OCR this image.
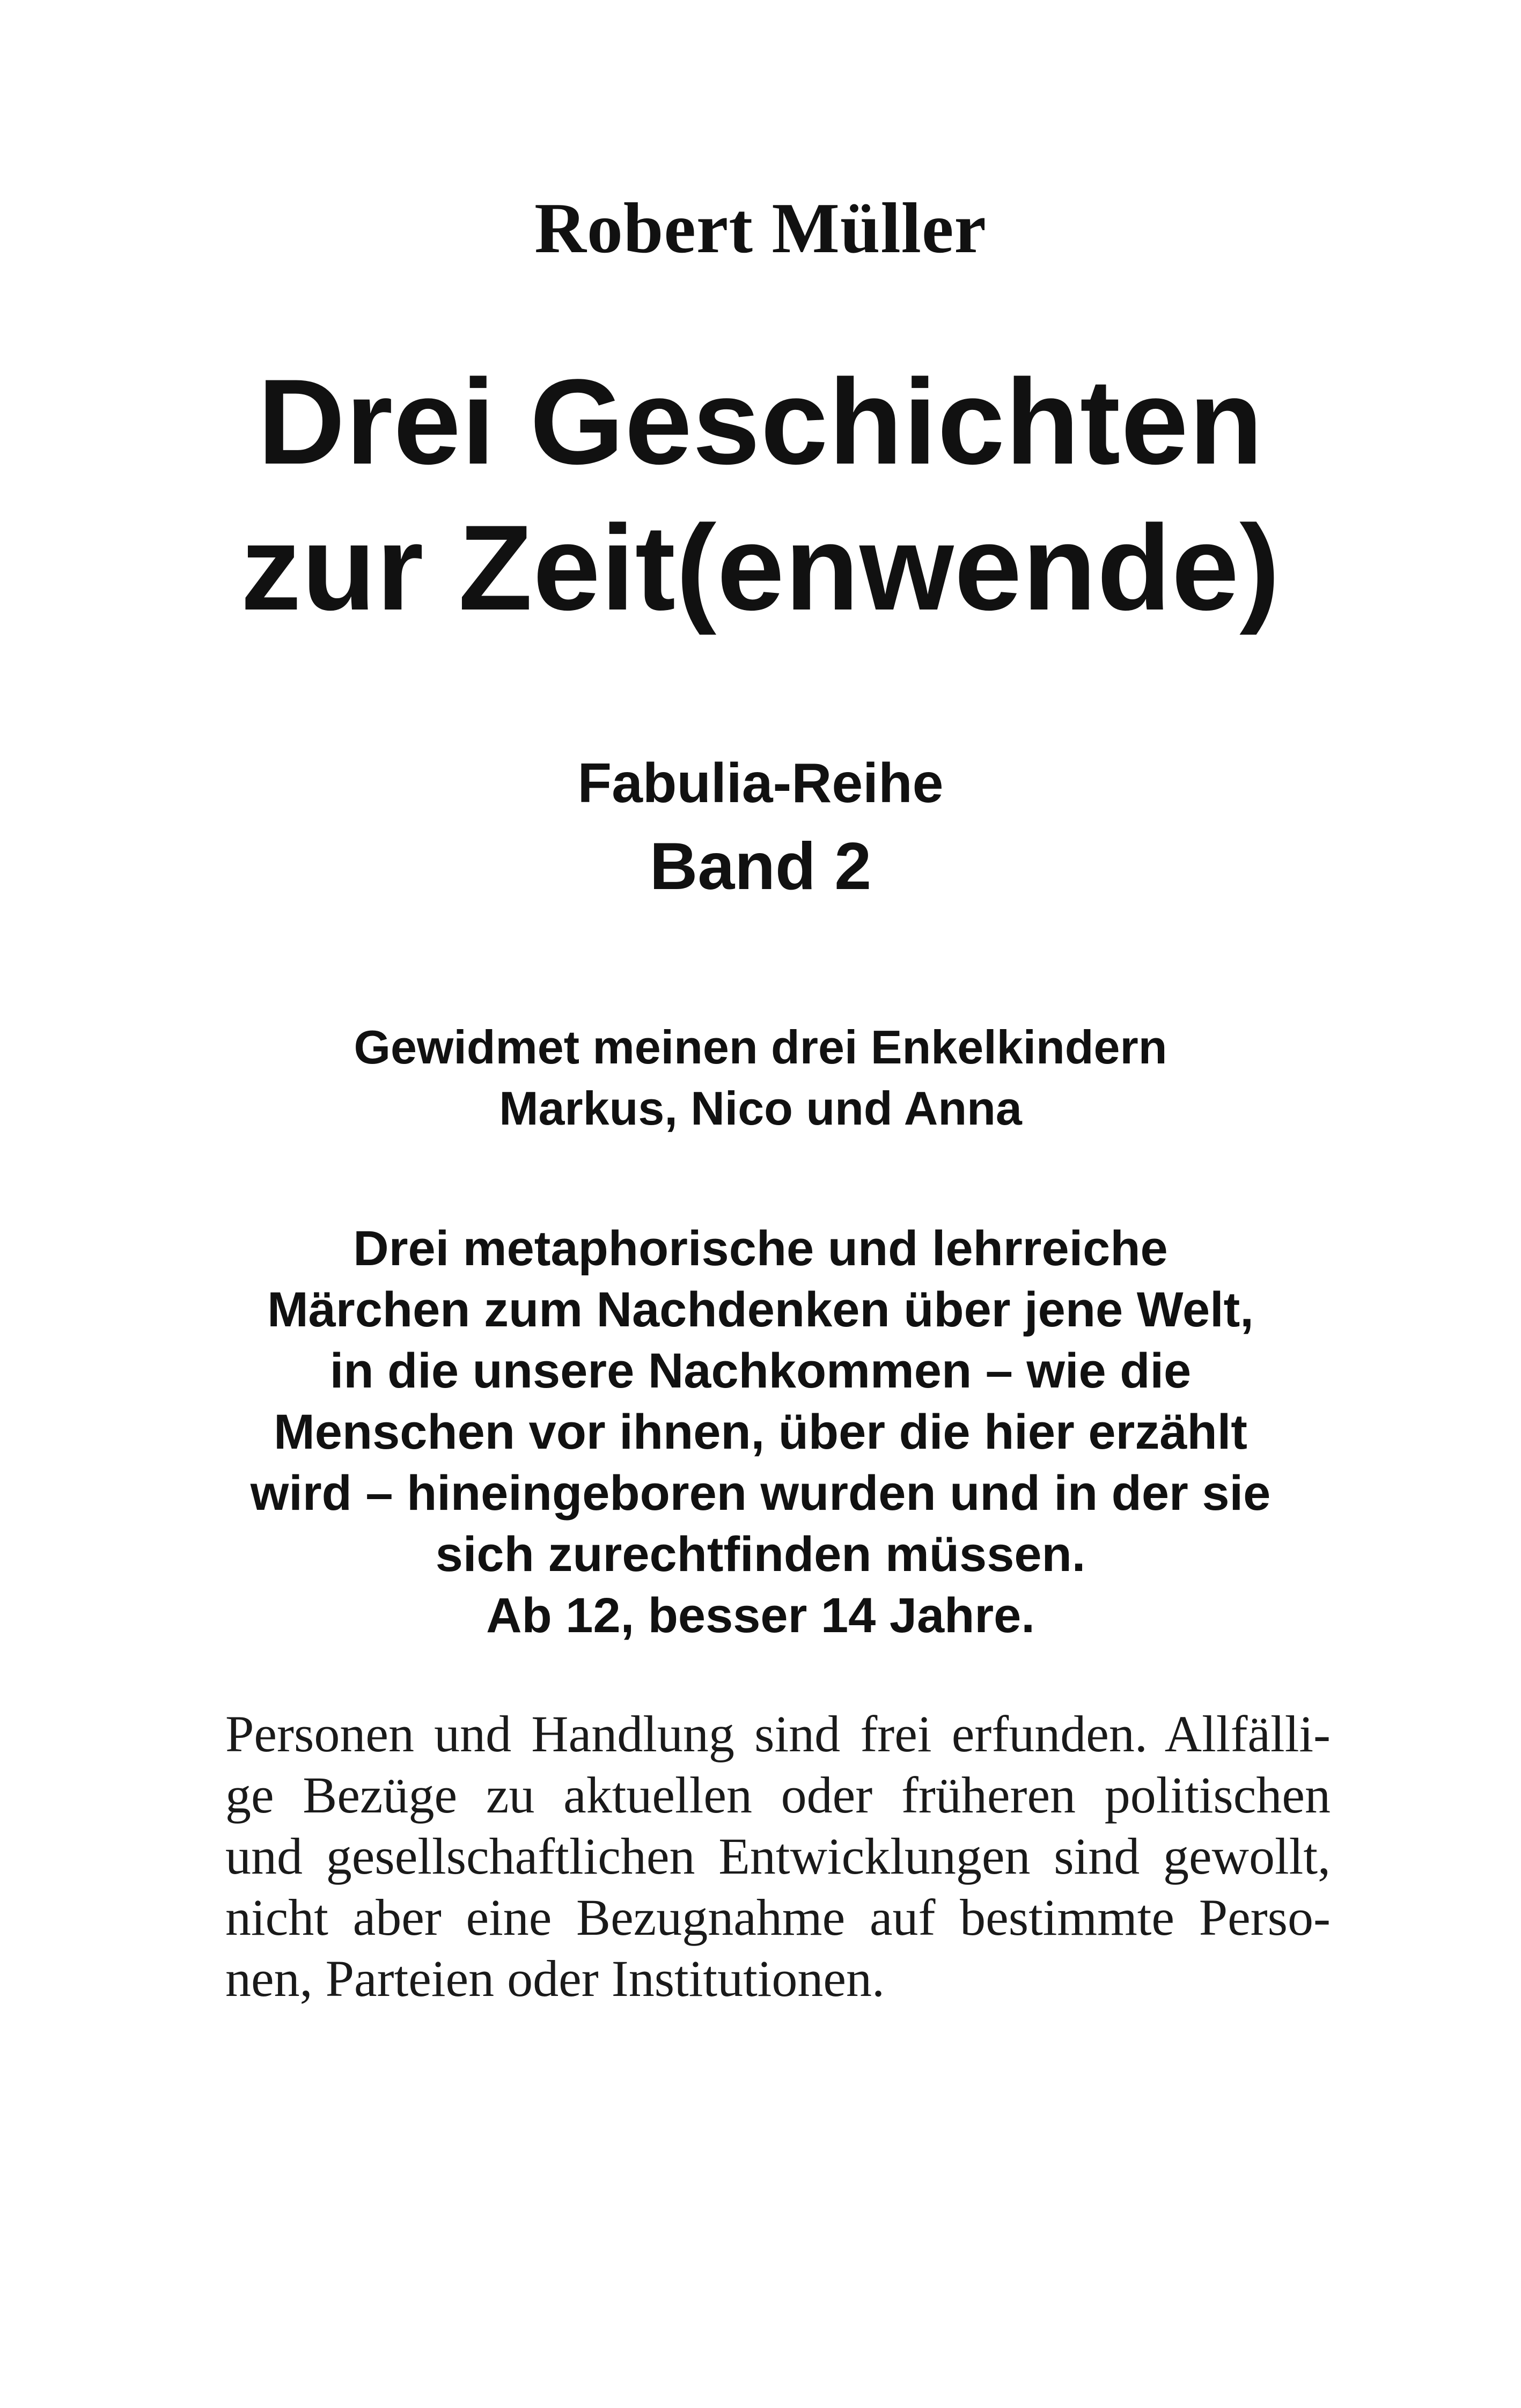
Robert Müller
Drei Geschichten
zur Zeit(enwende)
Fabulia-Reihe
Band 2
Gewidmet meinen drei Enkelkindern
Markus, Nico und Anna
Drei metaphorische und lehrreiche
Märchen zum Nachdenken über jene Welt,
in die unsere Nachkommen – wie die
Menschen vor ihnen, über die hier erzählt
wird – hineingeboren wurden und in der sie
sich zurechtfinden müssen.
Ab 12, besser 14 Jahre.
Personen und Handlung sind frei erfunden. Allfälli-
ge Bezüge zu aktuellen oder früheren politischen
und gesellschaftlichen Entwicklungen sind gewollt,
nicht aber eine Bezugnahme auf bestimmte Perso-
nen, Parteien oder Institutionen.
